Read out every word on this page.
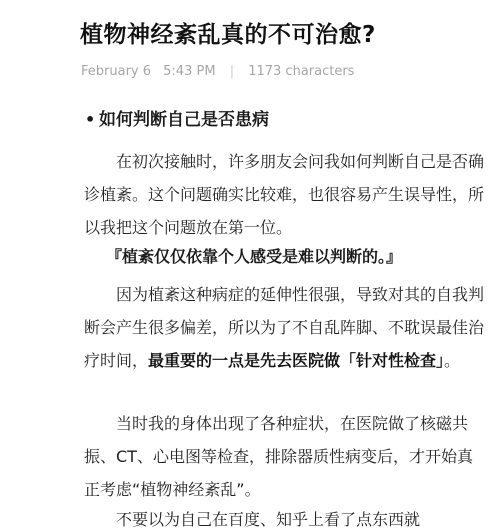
植物神经紊乱真的不可治愈?
February 6 5:43 PM | 1173 characters
• 如何判断自己是否患病

在初次接触时，许多朋友会问我如何判断自己是否确诊植紊。这个问题确实比较难，也很容易产生误导性，所以我把这个问题放在第一位。

『植紊仅仅依靠个人感受是难以判断的。』

因为植紊这种病症的延伸性很强，导致对其的自我判断会产生很多偏差，所以为了不自乱阵脚、不耽误最佳治疗时间，最重要的一点是先去医院做「针对性检查」。

当时我的身体出现了各种症状，在医院做了核磁共振、CT、心电图等检查，排除器质性病变后，才开始真正考虑“植物神经紊乱”。

不要以为自己在百度、知乎上看了点东西就
